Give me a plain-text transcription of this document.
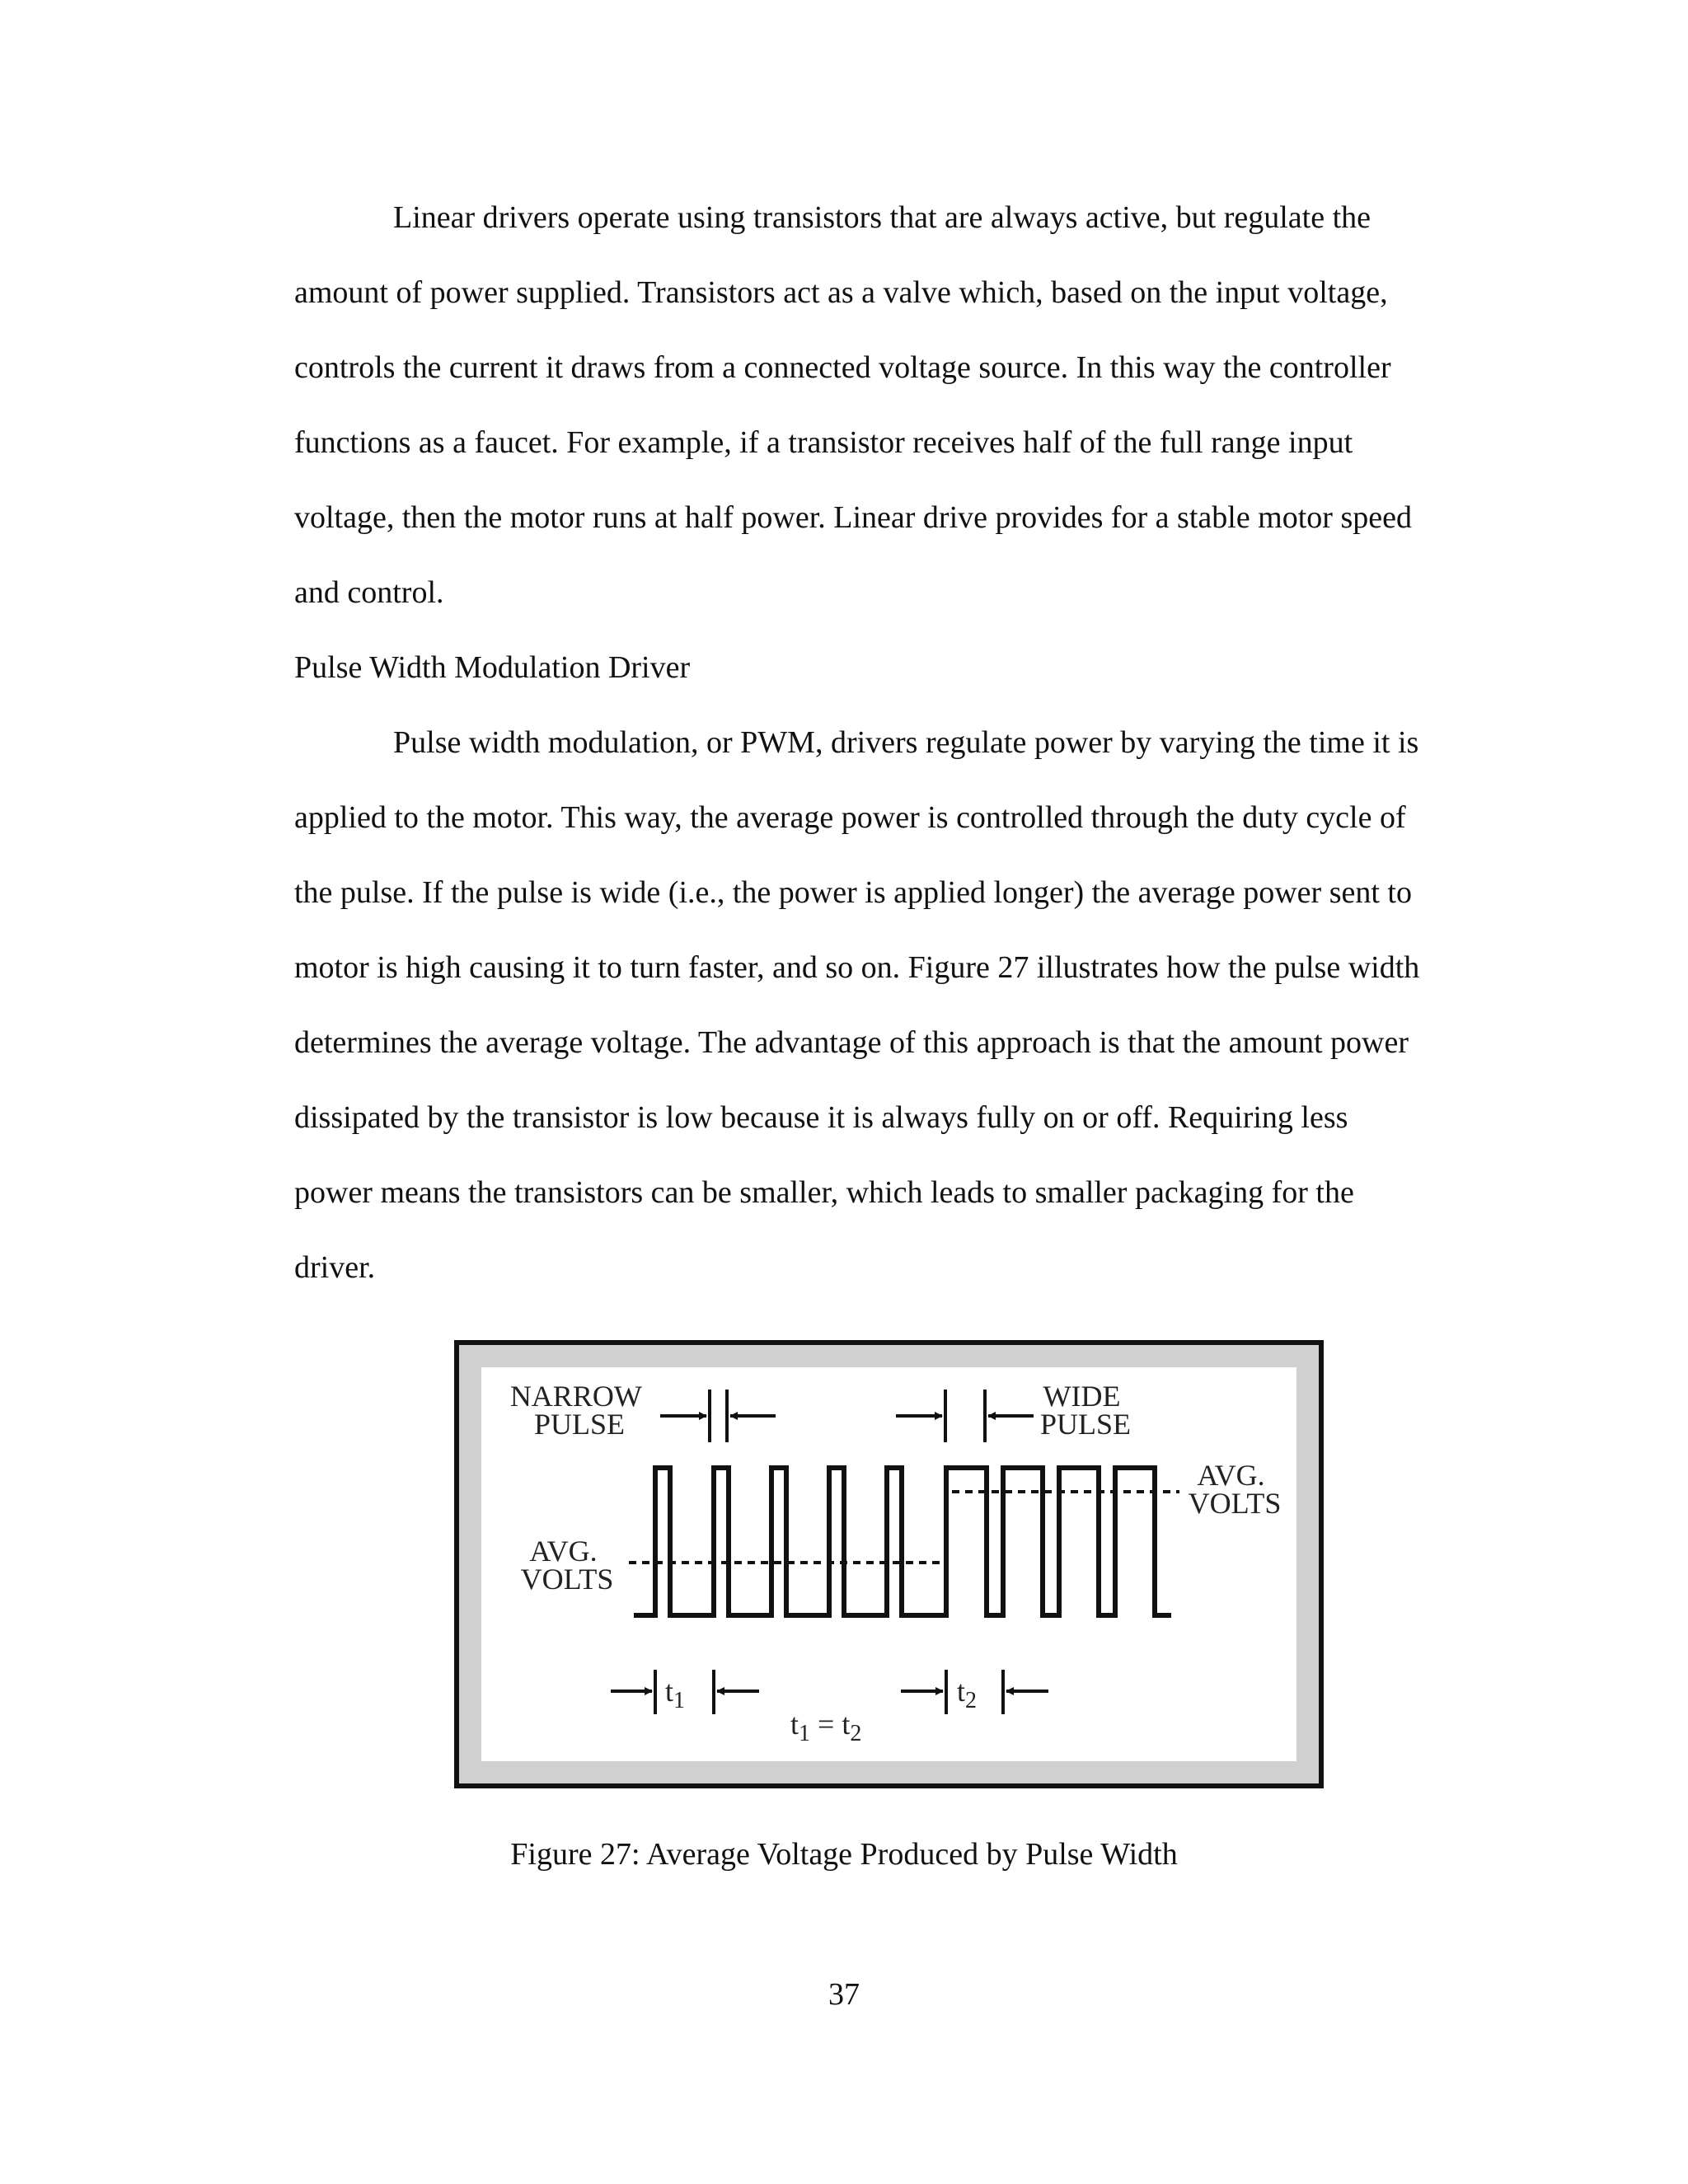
Linear drivers operate using transistors that are always active, but regulate the
amount of power supplied. Transistors act as a valve which, based on the input voltage,
controls the current it draws from a connected voltage source. In this way the controller
functions as a faucet. For example, if a transistor receives half of the full range input
voltage, then the motor runs at half power. Linear drive provides for a stable motor speed
and control.
Pulse Width Modulation Driver
Pulse width modulation, or PWM, drivers regulate power by varying the time it is
applied to the motor. This way, the average power is controlled through the duty cycle of
the pulse. If the pulse is wide (i.e., the power is applied longer) the average power sent to
motor is high causing it to turn faster, and so on. Figure 27 illustrates how the pulse width
determines the average voltage. The advantage of this approach is that the amount power
dissipated by the transistor is low because it is always fully on or off. Requiring less
power means the transistors can be smaller, which leads to smaller packaging for the
driver.
NARROW PULSE
WIDE PULSE
AVG. VOLTS
AVG. VOLTS
$t_1$	$t_2$
$t_1 = t_2$
Figure 27: Average Voltage Produced by Pulse Width
37
